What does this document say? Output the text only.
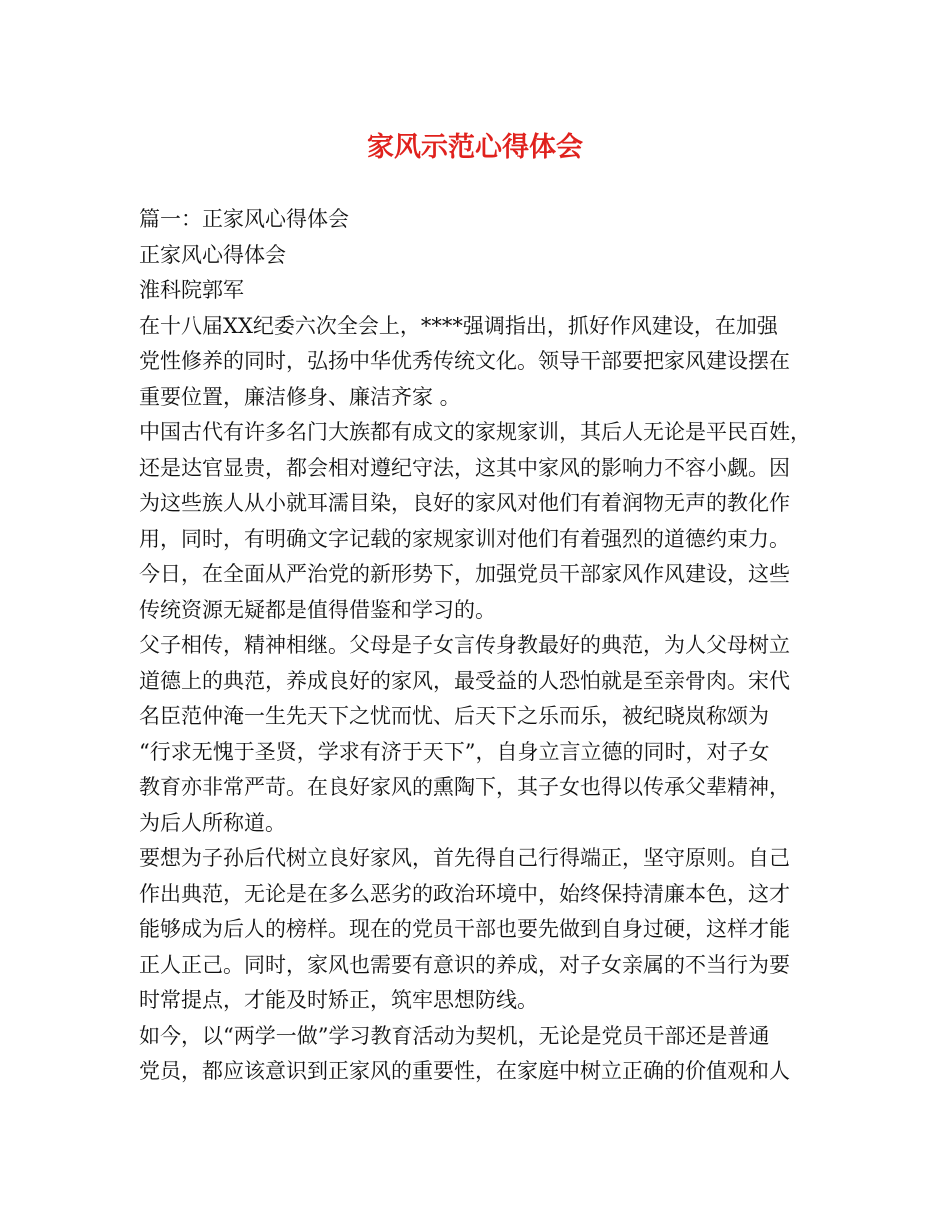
家风示范心得体会
篇一：正家风心得体会
正家风心得体会
淮科院郭军
在十八届XX纪委六次全会上，****强调指出，抓好作风建设，在加强
党性修养的同时，弘扬中华优秀传统文化。领导干部要把家风建设摆在
重要位置，廉洁修身、廉洁齐家 。
中国古代有许多名门大族都有成文的家规家训，其后人无论是平民百姓，
还是达官显贵，都会相对遵纪守法，这其中家风的影响力不容小觑。因
为这些族人从小就耳濡目染，良好的家风对他们有着润物无声的教化作
用，同时，有明确文字记载的家规家训对他们有着强烈的道德约束力。
今日，在全面从严治党的新形势下，加强党员干部家风作风建设，这些
传统资源无疑都是值得借鉴和学习的。
父子相传，精神相继。父母是子女言传身教最好的典范，为人父母树立
道德上的典范，养成良好的家风，最受益的人恐怕就是至亲骨肉。宋代
名臣范仲淹一生先天下之忧而忧、后天下之乐而乐，被纪晓岚称颂为
“行求无愧于圣贤，学求有济于天下”，自身立言立德的同时，对子女
教育亦非常严苛。在良好家风的熏陶下，其子女也得以传承父辈精神，
为后人所称道。
要想为子孙后代树立良好家风，首先得自己行得端正，坚守原则。自己
作出典范，无论是在多么恶劣的政治环境中，始终保持清廉本色，这才
能够成为后人的榜样。现在的党员干部也要先做到自身过硬，这样才能
正人正己。同时，家风也需要有意识的养成，对子女亲属的不当行为要
时常提点，才能及时矫正，筑牢思想防线。
如今，以“两学一做”学习教育活动为契机，无论是党员干部还是普通
党员，都应该意识到正家风的重要性，在家庭中树立正确的价值观和人
